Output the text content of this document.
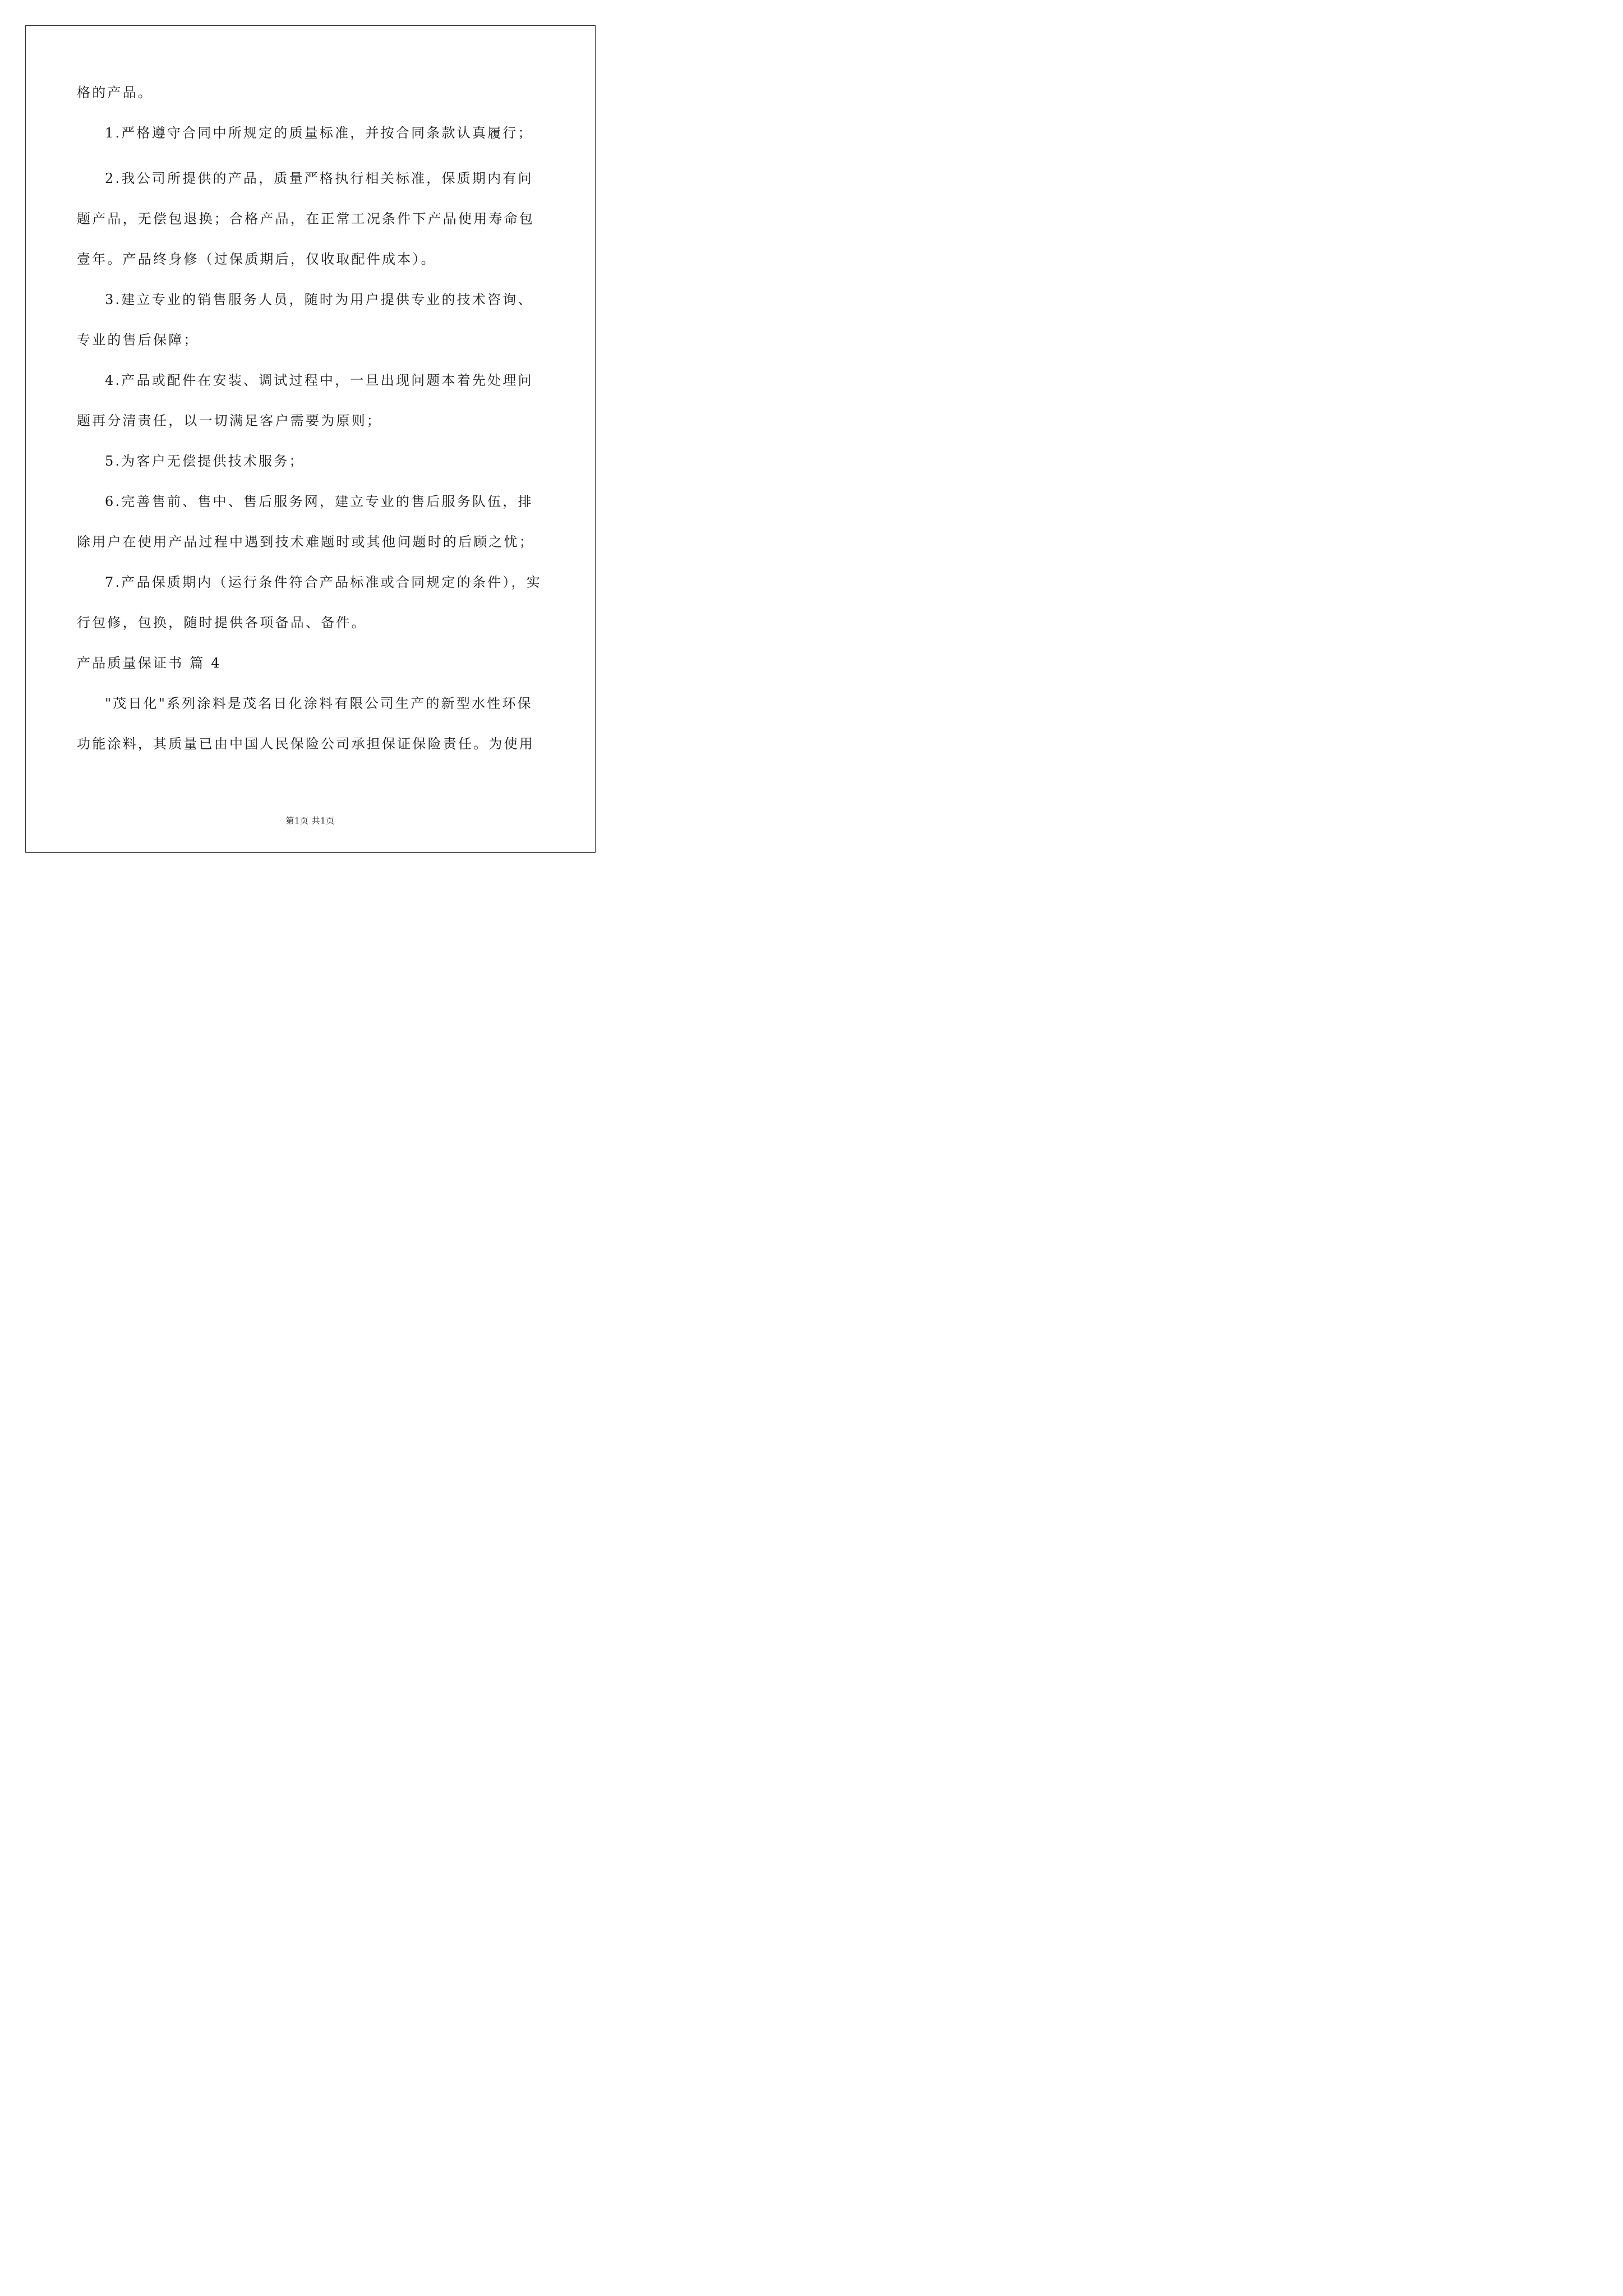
格的产品。
1.严格遵守合同中所规定的质量标准，并按合同条款认真履行；
2.我公司所提供的产品，质量严格执行相关标准，保质期内有问
题产品，无偿包退换；合格产品，在正常工况条件下产品使用寿命包
壹年。产品终身修（过保质期后，仅收取配件成本）。
3.建立专业的销售服务人员，随时为用户提供专业的技术咨询、
专业的售后保障；
4.产品或配件在安装、调试过程中，一旦出现问题本着先处理问
题再分清责任，以一切满足客户需要为原则；
5.为客户无偿提供技术服务；
6.完善售前、售中、售后服务网，建立专业的售后服务队伍，排
除用户在使用产品过程中遇到技术难题时或其他问题时的后顾之忧；
7.产品保质期内（运行条件符合产品标准或合同规定的条件），实
行包修，包换，随时提供各项备品、备件。
产品质量保证书 篇 4
"茂日化"系列涂料是茂名日化涂料有限公司生产的新型水性环保
功能涂料，其质量已由中国人民保险公司承担保证保险责任。为使用
第1页 共1页
